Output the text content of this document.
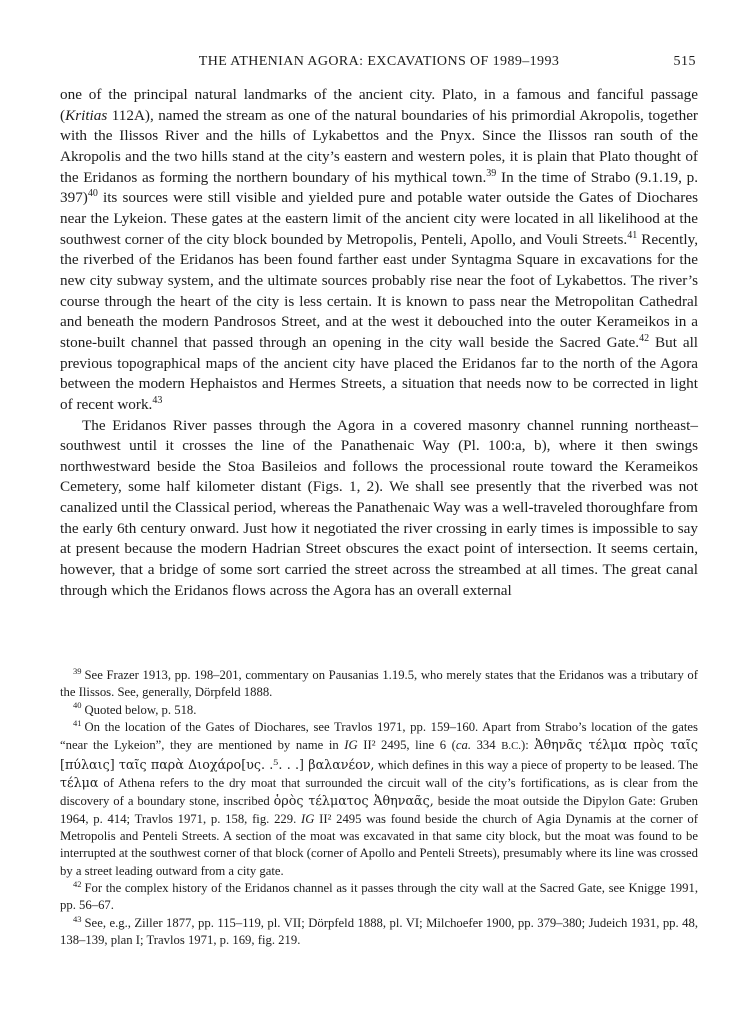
THE ATHENIAN AGORA: EXCAVATIONS OF 1989–1993	515

one of the principal natural landmarks of the ancient city. Plato, in a famous and fanciful passage (Kritias 112A), named the stream as one of the natural boundaries of his primordial Akropolis, together with the Ilissos River and the hills of Lykabettos and the Pnyx. Since the Ilissos ran south of the Akropolis and the two hills stand at the city’s eastern and western poles, it is plain that Plato thought of the Eridanos as forming the northern boundary of his mythical town.$^{39}$ In the time of Strabo (9.1.19, p. 397)$^{40}$ its sources were still visible and yielded pure and potable water outside the Gates of Diochares near the Lykeion. These gates at the eastern limit of the ancient city were located in all likelihood at the southwest corner of the city block bounded by Metropolis, Penteli, Apollo, and Vouli Streets.$^{41}$ Recently, the riverbed of the Eridanos has been found farther east under Syntagma Square in excavations for the new city subway system, and the ultimate sources probably rise near the foot of Lykabettos. The river’s course through the heart of the city is less certain. It is known to pass near the Metropolitan Cathedral and beneath the modern Pandrosos Street, and at the west it debouched into the outer Kerameikos in a stone-built channel that passed through an opening in the city wall beside the Sacred Gate.$^{42}$ But all previous topographical maps of the ancient city have placed the Eridanos far to the north of the Agora between the modern Hephaistos and Hermes Streets, a situation that needs now to be corrected in light of recent work.$^{43}$

The Eridanos River passes through the Agora in a covered masonry channel running northeast–southwest until it crosses the line of the Panathenaic Way (Pl. 100:a, b), where it then swings northwestward beside the Stoa Basileios and follows the processional route toward the Kerameikos Cemetery, some half kilometer distant (Figs. 1, 2). We shall see presently that the riverbed was not canalized until the Classical period, whereas the Panathenaic Way was a well-traveled thoroughfare from the early 6th century onward. Just how it negotiated the river crossing in early times is impossible to say at present because the modern Hadrian Street obscures the exact point of intersection. It seems certain, however, that a bridge of some sort carried the street across the streambed at all times. The great canal through which the Eridanos flows across the Agora has an overall external

$^{39}$ See Frazer 1913, pp. 198–201, commentary on Pausanias 1.19.5, who merely states that the Eridanos was a tributary of the Ilissos. See, generally, Dörpfeld 1888.

$^{40}$ Quoted below, p. 518.

$^{41}$ On the location of the Gates of Diochares, see Travlos 1971, pp. 159–160. Apart from Strabo’s location of the gates “near the Lykeion”, they are mentioned by name in IG II² 2495, line 6 (ca. 334 B.C.): Ἀθηνᾶς τέλμα πρὸς ταῖς [πύλαις] ταῖς παρὰ Διοχάρο[υς. .⁵. . .] βαλανέον, which defines in this way a piece of property to be leased. The τέλμα of Athena refers to the dry moat that surrounded the circuit wall of the city’s fortifications, as is clear from the discovery of a boundary stone, inscribed ὁρὸς τέλματος Ἀθηναᾶς, beside the moat outside the Dipylon Gate: Gruben 1964, p. 414; Travlos 1971, p. 158, fig. 229. IG II² 2495 was found beside the church of Agia Dynamis at the corner of Metropolis and Penteli Streets. A section of the moat was excavated in that same city block, but the moat was found to be interrupted at the southwest corner of that block (corner of Apollo and Penteli Streets), presumably where its line was crossed by a street leading outward from a city gate.

$^{42}$ For the complex history of the Eridanos channel as it passes through the city wall at the Sacred Gate, see Knigge 1991, pp. 56–67.

$^{43}$ See, e.g., Ziller 1877, pp. 115–119, pl. VII; Dörpfeld 1888, pl. VI; Milchoefer 1900, pp. 379–380; Judeich 1931, pp. 48, 138–139, plan I; Travlos 1971, p. 169, fig. 219.
